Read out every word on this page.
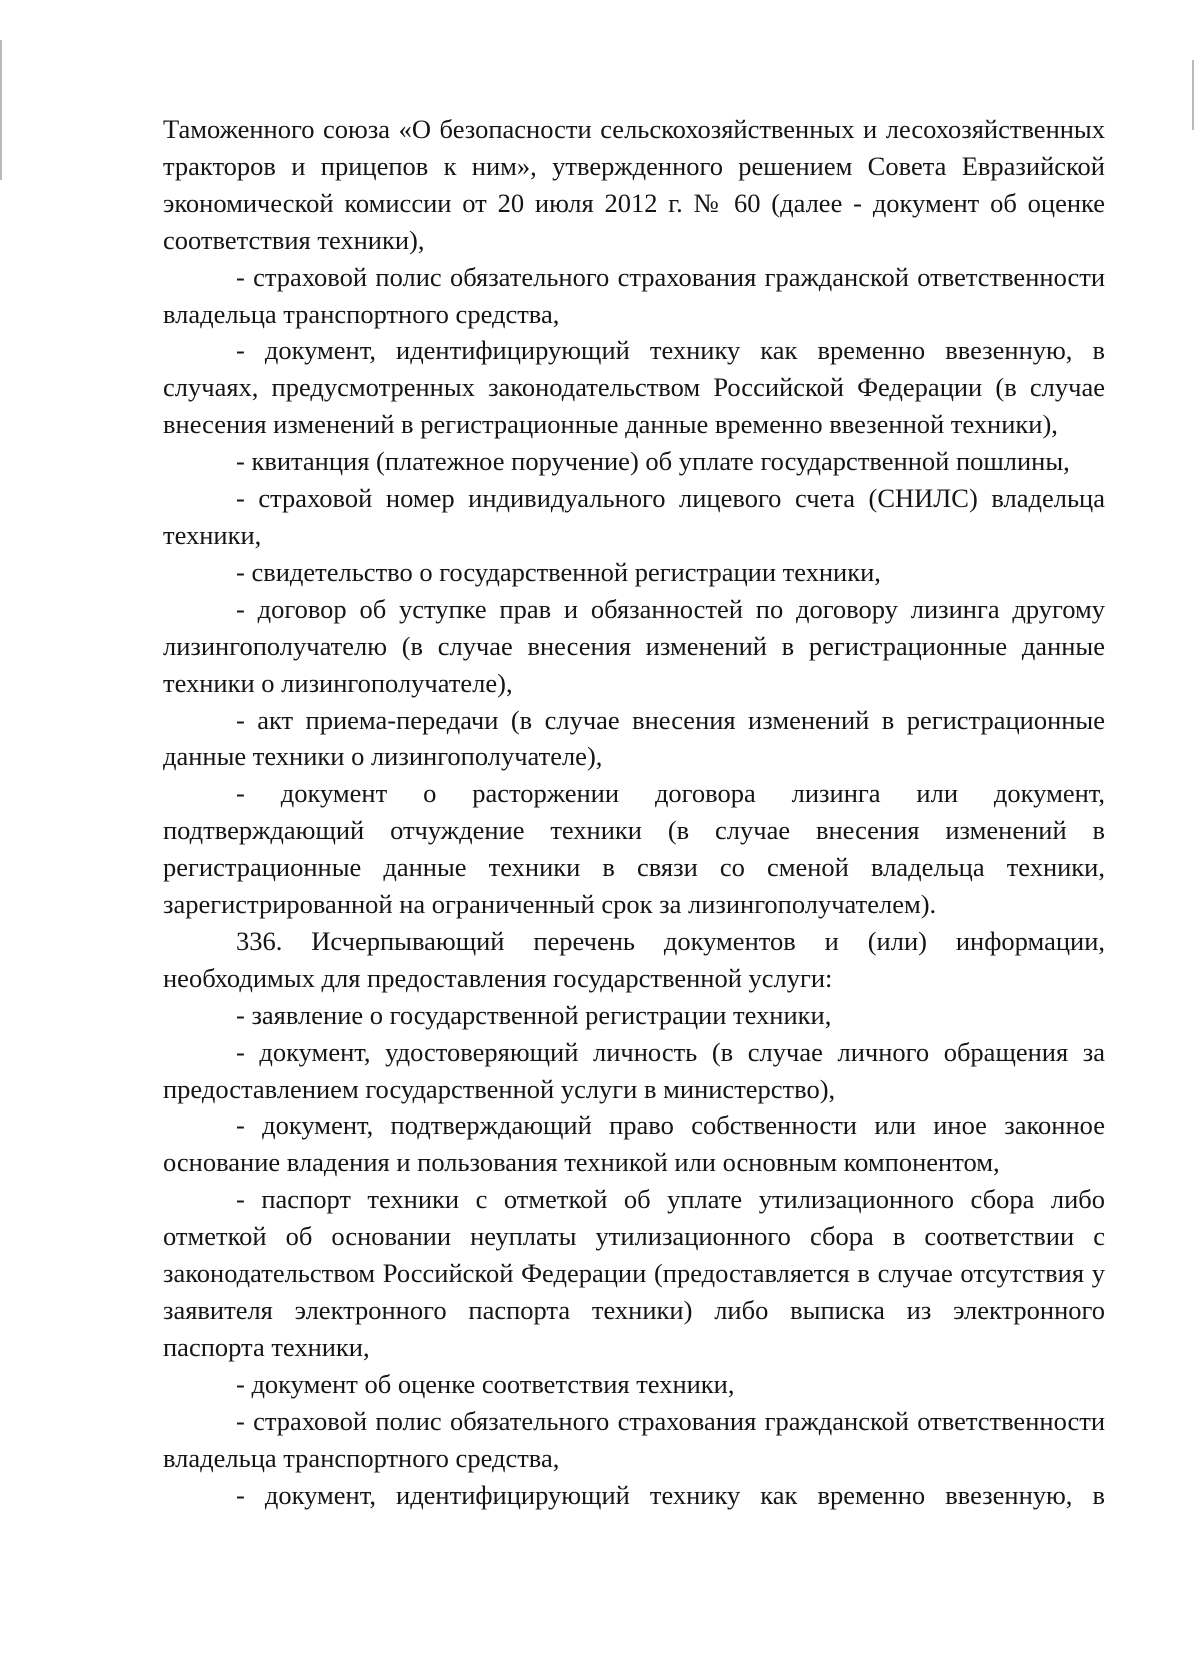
Таможенного союза «О безопасности сельскохозяйственных и лесохозяйственных тракторов и прицепов к ним», утвержденного решением Совета Евразийской экономической комиссии от 20 июля 2012 г. № 60 (далее - документ об оценке соответствия техники),

- страховой полис обязательного страхования гражданской ответственности владельца транспортного средства,

- документ, идентифицирующий технику как временно ввезенную, в случаях, предусмотренных законодательством Российской Федерации (в случае внесения изменений в регистрационные данные временно ввезенной техники),

- квитанция (платежное поручение) об уплате государственной пошлины,

- страховой номер индивидуального лицевого счета (СНИЛС) владельца техники,

- свидетельство о государственной регистрации техники,

- договор об уступке прав и обязанностей по договору лизинга другому лизингополучателю (в случае внесения изменений в регистрационные данные техники о лизингополучателе),

- акт приема-передачи (в случае внесения изменений в регистрационные данные техники о лизингополучателе),

- документ о расторжении договора лизинга или документ, подтверждающий отчуждение техники (в случае внесения изменений в регистрационные данные техники в связи со сменой владельца техники, зарегистрированной на ограниченный срок за лизингополучателем).

336. Исчерпывающий перечень документов и (или) информации, необходимых для предоставления государственной услуги:

- заявление о государственной регистрации техники,

- документ, удостоверяющий личность (в случае личного обращения за предоставлением государственной услуги в министерство),

- документ, подтверждающий право собственности или иное законное основание владения и пользования техникой или основным компонентом,

- паспорт техники с отметкой об уплате утилизационного сбора либо отметкой об основании неуплаты утилизационного сбора в соответствии с законодательством Российской Федерации (предоставляется в случае отсутствия у заявителя электронного паспорта техники) либо выписка из электронного паспорта техники,

- документ об оценке соответствия техники,

- страховой полис обязательного страхования гражданской ответственности владельца транспортного средства,

- документ, идентифицирующий технику как временно ввезенную, в
